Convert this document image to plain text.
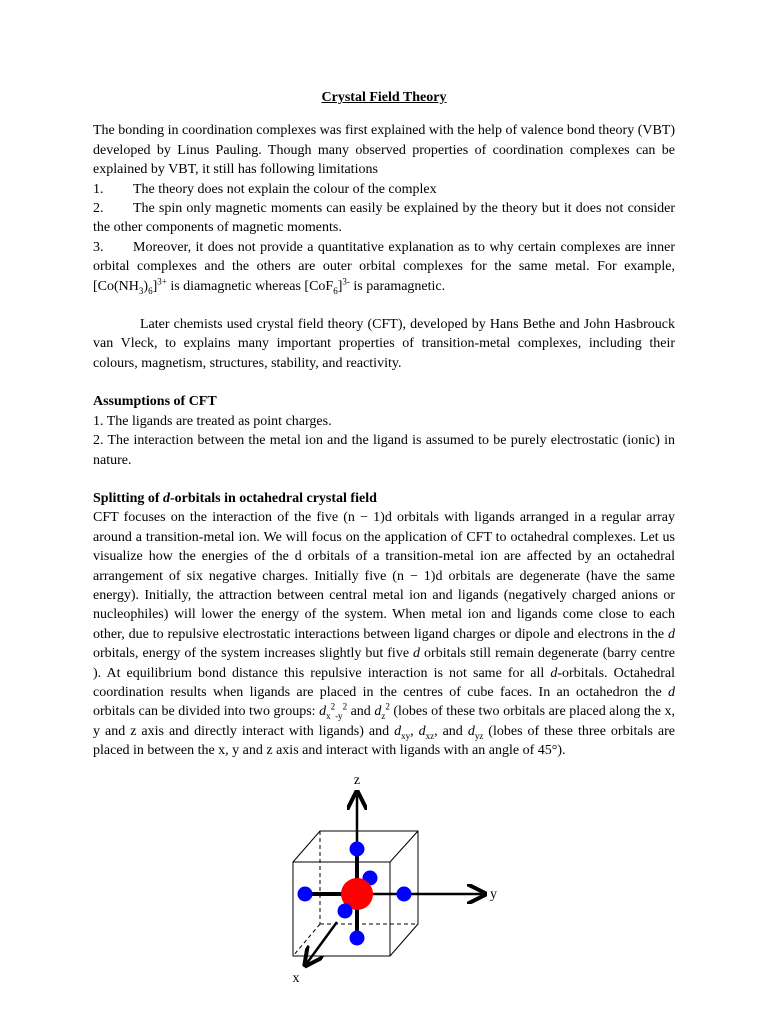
Crystal Field Theory
The bonding in coordination complexes was first explained with the help of valence bond theory (VBT) developed by Linus Pauling. Though many observed properties of coordination complexes can be explained by VBT, it still has following limitations
1. The theory does not explain the colour of the complex
2. The spin only magnetic moments can easily be explained by the theory but it does not consider the other components of magnetic moments.
3. Moreover, it does not provide a quantitative explanation as to why certain complexes are inner orbital complexes and the others are outer orbital complexes for the same metal. For example, $[Co(NH_3)_6]^{3+}$ is diamagnetic whereas $[CoF_6]^{3-}$ is paramagnetic.
Later chemists used crystal field theory (CFT), developed by Hans Bethe and John Hasbrouck van Vleck, to explains many important properties of transition-metal complexes, including their colours, magnetism, structures, stability, and reactivity.
Assumptions of CFT
1. The ligands are treated as point charges.
2. The interaction between the metal ion and the ligand is assumed to be purely electrostatic (ionic) in nature.
Splitting of d-orbitals in octahedral crystal field
CFT focuses on the interaction of the five (n − 1)d orbitals with ligands arranged in a regular array around a transition-metal ion. We will focus on the application of CFT to octahedral complexes. Let us visualize how the energies of the d orbitals of a transition-metal ion are affected by an octahedral arrangement of six negative charges. Initially five (n − 1)d orbitals are degenerate (have the same energy). Initially, the attraction between central metal ion and ligands (negatively charged anions or nucleophiles) will lower the energy of the system. When metal ion and ligands come close to each other, due to repulsive electrostatic interactions between ligand charges or dipole and electrons in the d orbitals, energy of the system increases slightly but five d orbitals still remain degenerate (barry centre ). At equilibrium bond distance this repulsive interaction is not same for all d-orbitals. Octahedral coordination results when ligands are placed in the centres of cube faces. In an octahedron the d orbitals can be divided into two groups: $d_x^2_{-y}^2$ and $d_z^2$ (lobes of these two orbitals are placed along the x, y and z axis and directly interact with ligands) and $d_{xy}$, $d_{xz}$, and $d_{yz}$ (lobes of these three orbitals are placed in between the x, y and z axis and interact with ligands with an angle of 45°).
z
y
x
